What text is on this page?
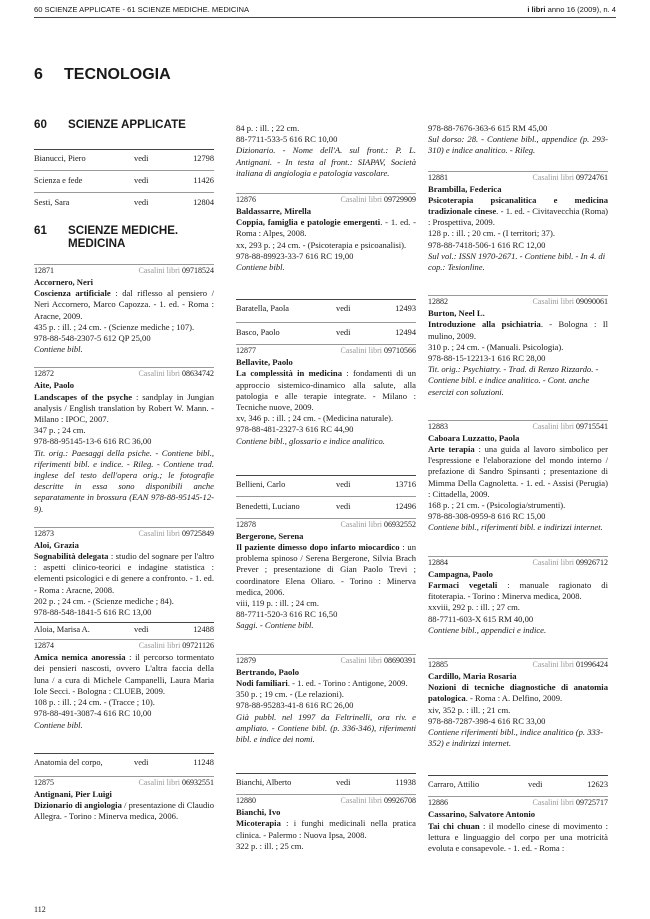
60 SCIENZE APPLICATE - 61 SCIENZE MEDICHE. MEDICINA	i libri anno 16 (2009), n. 4
6 TECNOLOGIA
60 SCIENZE APPLICATE
Bianucci, Piero	vedi	12798
Scienza e fede	vedi	11426
Sesti, Sara	vedi	12804
61 SCIENZE MEDICHE. MEDICINA
12871	Casalini libri 09718524
Accornero, Neri
Coscienza artificiale : dal riflesso al pensiero / Neri Accornero, Marco Capozza. - 1. ed. - Roma : Aracne, 2009.
435 p. : ill. ; 24 cm. - (Scienze mediche ; 107).
978-88-548-2307-5 612 QP 25,00
Contiene bibl.
12872	Casalini libri 08634742
Aite, Paolo
Landscapes of the psyche : sandplay in Jungian analysis / English translation by Robert W. Mann. - Milano : IPOC, 2007.
347 p. ; 24 cm.
978-88-95145-13-6 616 RC 36,00
Tit. orig.: Paesaggi della psiche. - Contiene bibl., riferimenti bibl. e indice. - Rileg. - Contiene trad. inglese del testo dell'opera orig.; le fotografie descritte in essa sono disponibili anche separatamente in brossura (EAN 978-88-95145-12-9).
12873	Casalini libri 09725849
Aloi, Grazia
Sognabilità delegata : studio del sognare per l'altro : aspetti clinico-teorici e indagine statistica : elementi psicologici e di genere a confronto. - 1. ed. - Roma : Aracne, 2008.
202 p. ; 24 cm. - (Scienze mediche ; 84).
978-88-548-1841-5 616 RC 13,00
Aloia, Marisa A.	vedi	12488
12874	Casalini libri 09721126
Amica nemica anoressia : il percorso tormentato dei pensieri nascosti, ovvero L'altra faccia della luna / a cura di Michele Campanelli, Laura Maria Iole Secci. - Bologna : CLUEB, 2009.
108 p. : ill. ; 24 cm. - (Tracce ; 10).
978-88-491-3087-4 616 RC 10,00
Contiene bibl.
Anatomia del corpo,	vedi	11248
12875	Casalini libri 06932551
Antignani, Pier Luigi
Dizionario di angiologia / presentazione di Claudio Allegra. - Torino : Minerva medica, 2006.
84 p. : ill. ; 22 cm.
88-7711-533-5 616 RC 10,00
Dizionario. - Nome dell'A. sul front.: P. L. Antignani. - In testa al front.: SIAPAV, Società italiana di angiologia e patologia vascolare.
12876	Casalini libri 09729909
Baldassarre, Mirella
Coppia, famiglia e patologie emergenti. - 1. ed. - Roma : Alpes, 2008.
xx, 293 p. ; 24 cm. - (Psicoterapia e psicoanalisi).
978-88-89923-33-7 616 RC 19,00
Contiene bibl.
Baratella, Paola	vedi	12493
Basco, Paolo	vedi	12494
12877	Casalini libri 09710566
Bellavite, Paolo
La complessità in medicina : fondamenti di un approccio sistemico-dinamico alla salute, alla patologia e alle terapie integrate. - Milano : Tecniche nuove, 2009.
xv, 346 p. : ill. ; 24 cm. - (Medicina naturale).
978-88-481-2327-3 616 RC 44,90
Contiene bibl., glossario e indice analitico.
Bellieni, Carlo	vedi	13716
Benedetti, Luciano	vedi	12496
12878	Casalini libri 06932552
Bergerone, Serena
Il paziente dimesso dopo infarto miocardico : un problema spinoso / Serena Bergerone, Silvia Brach Prever ; presentazione di Gian Paolo Trevi ; coordinatore Elena Oliaro. - Torino : Minerva medica, 2006.
viii, 119 p. : ill. ; 24 cm.
88-7711-520-3 616 RC 16,50
Saggi. - Contiene bibl.
12879	Casalini libri 08690391
Bertrando, Paolo
Nodi familiari. - 1. ed. - Torino : Antigone, 2009.
350 p. ; 19 cm. - (Le relazioni).
978-88-95283-41-8 616 RC 26,00
Già pubbl. nel 1997 da Feltrinelli, ora riv. e ampliato. - Contiene bibl. (p. 336-346), riferimenti bibl. e indice dei nomi.
Bianchi, Alberto	vedi	11938
12880	Casalini libri 09926708
Bianchi, Ivo
Micoterapia : i funghi medicinali nella pratica clinica. - Palermo : Nuova Ipsa, 2008.
322 p. : ill. ; 25 cm.
978-88-7676-363-6 615 RM 45,00
Sul dorso: 28. - Contiene bibl., appendice (p. 293-310) e indice analitico. - Rileg.
12881	Casalini libri 09724761
Brambilla, Federica
Psicoterapia psicanalitica e medicina tradizionale cinese. - 1. ed. - Civitavecchia (Roma) : Prospettiva, 2009.
128 p. : ill. ; 20 cm. - (I territori; 37).
978-88-7418-506-1 616 RC 12,00
Sul vol.: ISSN 1970-2671. - Contiene bibl. - In 4. di cop.: Tesionline.
12882	Casalini libri 09090061
Burton, Neel L.
Introduzione alla psichiatria. - Bologna : Il mulino, 2009.
310 p. ; 24 cm. - (Manuali. Psicologia).
978-88-15-12213-1 616 RC 28,00
Tit. orig.: Psychiatry. - Trad. di Renzo Rizzardo. - Contiene bibl. e indice analitico. - Cont. anche esercizi con soluzioni.
12883	Casalini libri 09715541
Caboara Luzzatto, Paola
Arte terapia : una guida al lavoro simbolico per l'espressione e l'elaborazione del mondo interno / prefazione di Sandro Spinsanti ; presentazione di Mimma Della Cagnoletta. - 1. ed. - Assisi (Perugia) : Cittadella, 2009.
168 p. ; 21 cm. - (Psicologia/strumenti).
978-88-308-0959-8 616 RC 15,00
Contiene bibl., riferimenti bibl. e indirizzi internet.
12884	Casalini libri 09926712
Campagna, Paolo
Farmaci vegetali : manuale ragionato di fitoterapia. - Torino : Minerva medica, 2008.
xxviii, 292 p. : ill. ; 27 cm.
88-7711-603-X 615 RM 40,00
Contiene bibl., appendici e indice.
12885	Casalini libri 01996424
Cardillo, Maria Rosaria
Nozioni di tecniche diagnostiche di anatomia patologica. - Roma : A. Delfino, 2009.
xiv, 352 p. : ill. ; 21 cm.
978-88-7287-398-4 616 RC 33,00
Contiene riferimenti bibl., indice analitico (p. 333-352) e indirizzi internet.
Carraro, Attilio	vedi	12623
12886	Casalini libri 09725717
Cassarino, Salvatore Antonio
Tai chi chuan : il modello cinese di movimento : lettura e linguaggio del corpo per una motricità evoluta e consapevole. - 1. ed. - Roma :
112
